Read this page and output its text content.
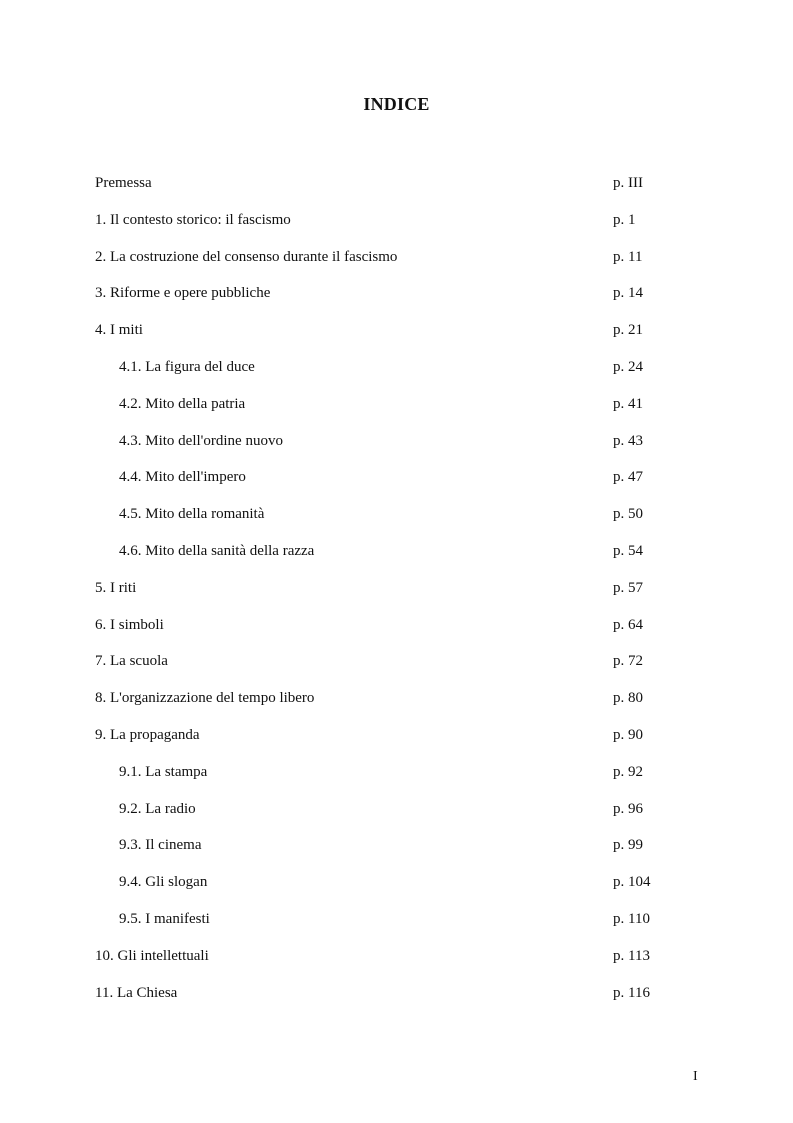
INDICE
Premessa	p. III
1. Il contesto storico: il fascismo	p. 1
2. La costruzione del consenso durante il fascismo	p. 11
3. Riforme e opere pubbliche	p. 14
4. I miti	p. 21
4.1. La figura del duce	p. 24
4.2. Mito della patria	p. 41
4.3. Mito dell'ordine nuovo	p. 43
4.4. Mito dell'impero	p. 47
4.5. Mito della romanità	p. 50
4.6. Mito della sanità della razza	p. 54
5. I riti	p. 57
6. I simboli	p. 64
7. La scuola	p. 72
8. L'organizzazione del tempo libero	p. 80
9. La propaganda	p. 90
9.1. La stampa	p. 92
9.2. La radio	p. 96
9.3. Il cinema	p. 99
9.4. Gli slogan	p. 104
9.5. I manifesti	p. 110
10. Gli intellettuali	p. 113
11. La Chiesa	p. 116
I
